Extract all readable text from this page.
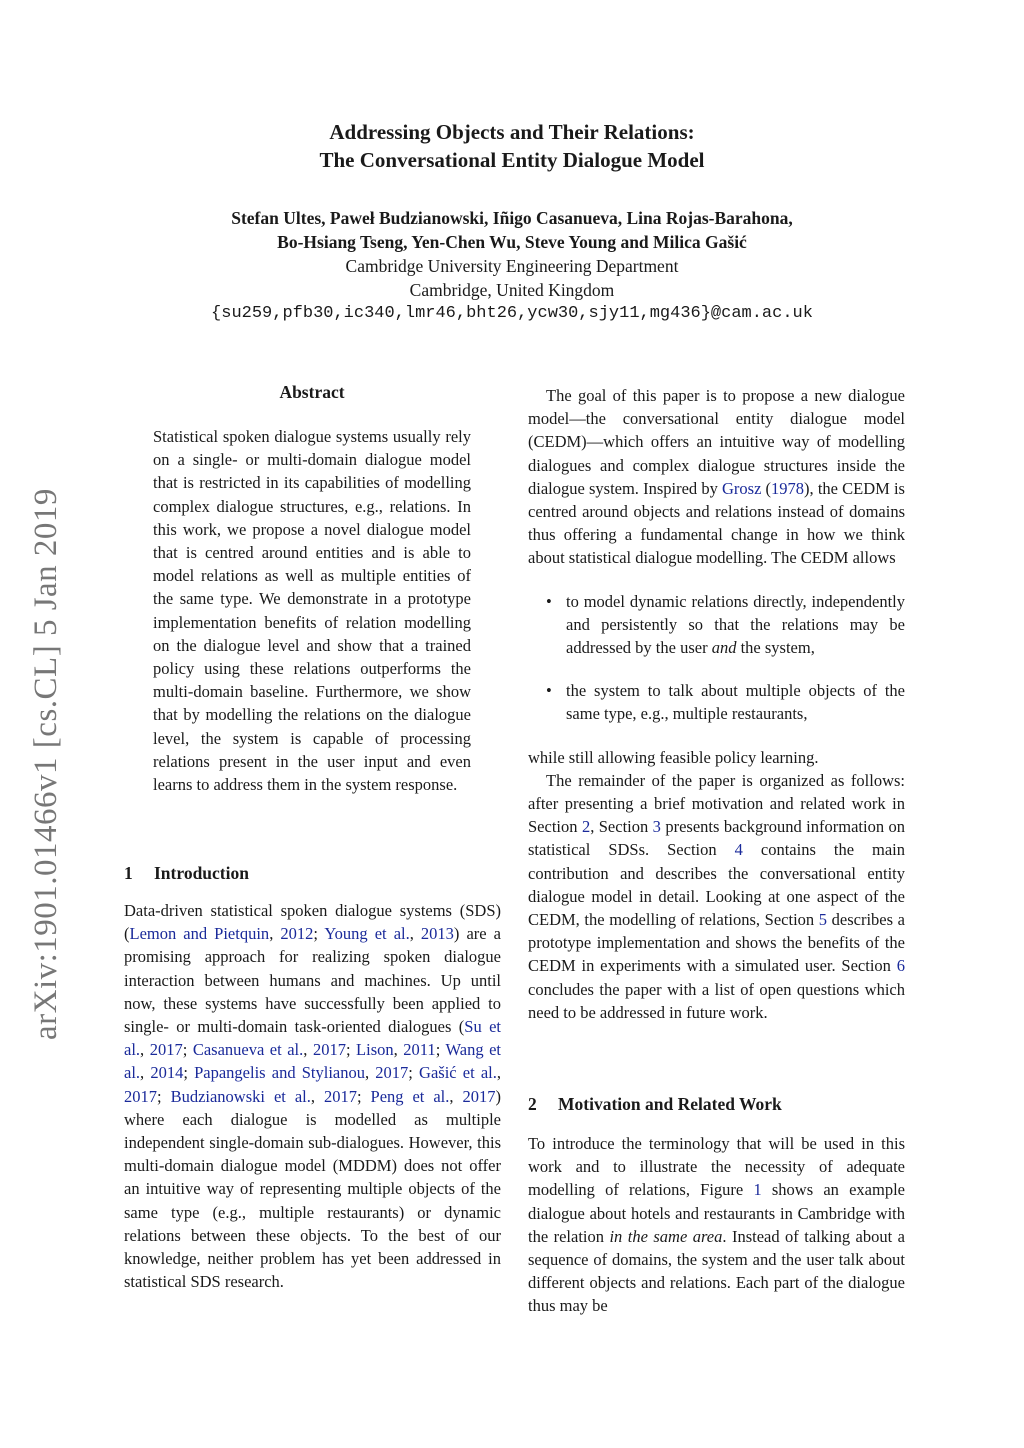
Addressing Objects and Their Relations:
The Conversational Entity Dialogue Model
Stefan Ultes, Paweł Budzianowski, Iñigo Casanueva, Lina Rojas-Barahona,
Bo-Hsiang Tseng, Yen-Chen Wu, Steve Young and Milica Gašić
Cambridge University Engineering Department
Cambridge, United Kingdom
{su259,pfb30,ic340,lmr46,bht26,ycw30,sjy11,mg436}@cam.ac.uk
arXiv:1901.01466v1 [cs.CL] 5 Jan 2019
Abstract
Statistical spoken dialogue systems usually rely on a single- or multi-domain dialogue model that is restricted in its capabilities of modelling complex dialogue structures, e.g., relations. In this work, we propose a novel dialogue model that is centred around entities and is able to model relations as well as multiple entities of the same type. We demonstrate in a prototype implementation benefits of relation modelling on the dialogue level and show that a trained policy using these relations outperforms the multi-domain baseline. Furthermore, we show that by modelling the relations on the dialogue level, the system is capable of processing relations present in the user input and even learns to address them in the system response.
1 Introduction

Data-driven statistical spoken dialogue systems (SDS) (Lemon and Pietquin, 2012; Young et al., 2013) are a promising approach for realizing spoken dialogue interaction between humans and machines. Up until now, these systems have successfully been applied to single- or multi-domain task-oriented dialogues (Su et al., 2017; Casanueva et al., 2017; Lison, 2011; Wang et al., 2014; Papangelis and Stylianou, 2017; Gašić et al., 2017; Budzianowski et al., 2017; Peng et al., 2017) where each dialogue is modelled as multiple independent single-domain sub-dialogues. However, this multi-domain dialogue model (MDDM) does not offer an intuitive way of representing multiple objects of the same type (e.g., multiple restaurants) or dynamic relations between these objects. To the best of our knowledge, neither problem has yet been addressed in statistical SDS research.

The goal of this paper is to propose a new dialogue model—the conversational entity dialogue model (CEDM)—which offers an intuitive way of modelling dialogues and complex dialogue structures inside the dialogue system. Inspired by Grosz (1978), the CEDM is centred around objects and relations instead of domains thus offering a fundamental change in how we think about statistical dialogue modelling. The CEDM allows

• to model dynamic relations directly, independently and persistently so that the relations may be addressed by the user and the system,
• the system to talk about multiple objects of the same type, e.g., multiple restaurants,

while still allowing feasible policy learning.

The remainder of the paper is organized as follows: after presenting a brief motivation and related work in Section 2, Section 3 presents background information on statistical SDSs. Section 4 contains the main contribution and describes the conversational entity dialogue model in detail. Looking at one aspect of the CEDM, the modelling of relations, Section 5 describes a prototype implementation and shows the benefits of the CEDM in experiments with a simulated user. Section 6 concludes the paper with a list of open questions which need to be addressed in future work.

2 Motivation and Related Work

To introduce the terminology that will be used in this work and to illustrate the necessity of adequate modelling of relations, Figure 1 shows an example dialogue about hotels and restaurants in Cambridge with the relation in the same area. Instead of talking about a sequence of domains, the system and the user talk about different objects and relations. Each part of the dialogue thus may be
